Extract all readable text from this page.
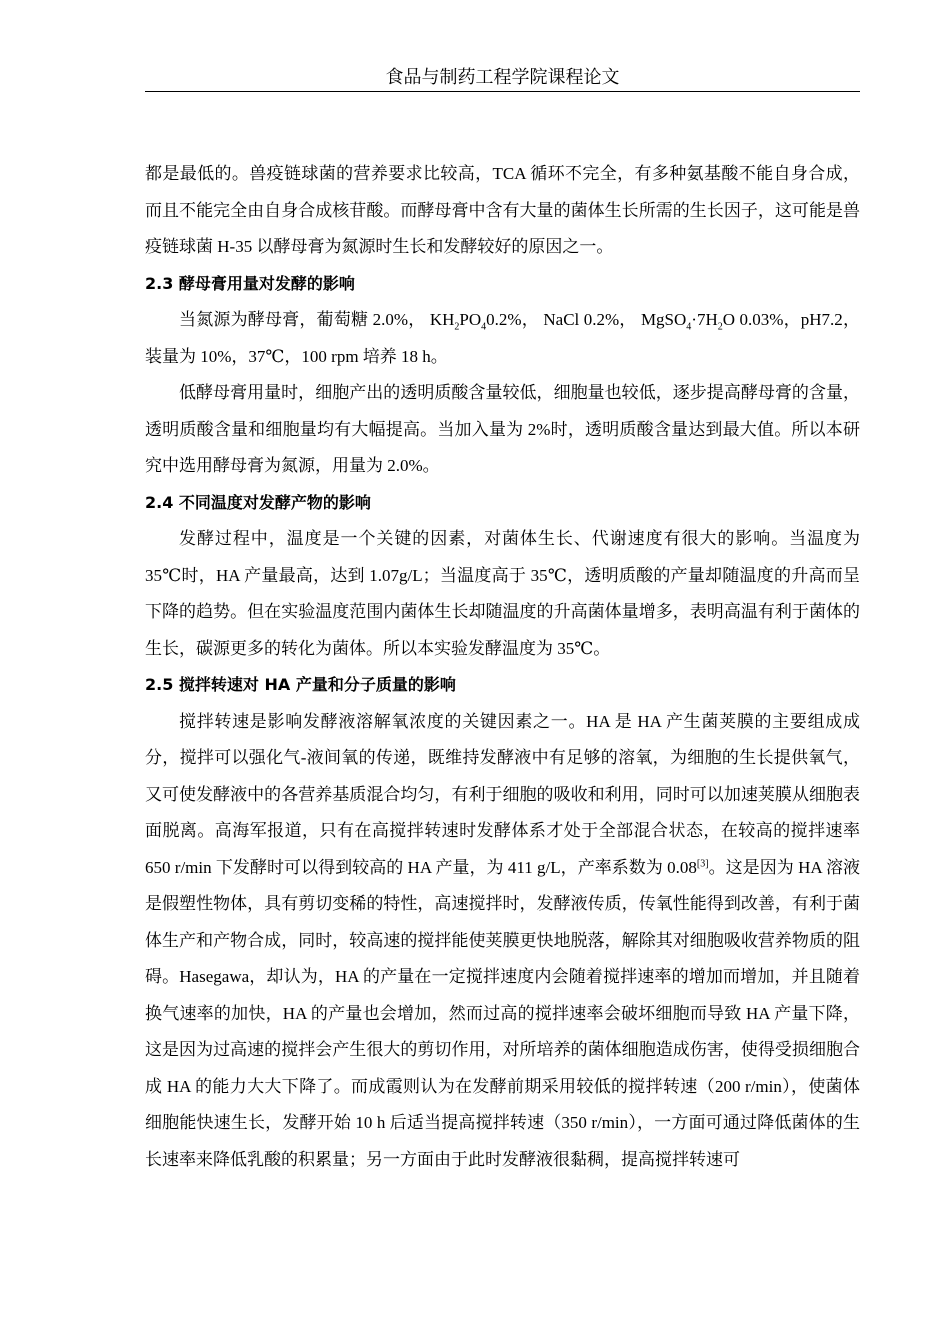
食品与制药工程学院课程论文

都是最低的。兽疫链球菌的营养要求比较高，TCA 循环不完全，有多种氨基酸不能自身合成，而且不能完全由自身合成核苷酸。而酵母膏中含有大量的菌体生长所需的生长因子，这可能是兽疫链球菌 H-35 以酵母膏为氮源时生长和发酵较好的原因之一。

2.3 酵母膏用量对发酵的影响

当氮源为酵母膏，葡萄糖 2.0%， $KH_2PO_40.2\%$， NaCl 0.2%， $MgSO_4\cdot 7H_2O$ 0.03%，pH7.2，装量为 10%，37℃，100 rpm 培养 18 h。

低酵母膏用量时，细胞产出的透明质酸含量较低，细胞量也较低，逐步提高酵母膏的含量，透明质酸含量和细胞量均有大幅提高。当加入量为 2%时，透明质酸含量达到最大值。所以本研究中选用酵母膏为氮源，用量为 2.0%。

2.4 不同温度对发酵产物的影响

发酵过程中，温度是一个关键的因素，对菌体生长、代谢速度有很大的影响。当温度为 35℃时，HA 产量最高，达到 1.07g/L；当温度高于 35℃，透明质酸的产量却随温度的升高而呈下降的趋势。但在实验温度范围内菌体生长却随温度的升高菌体量增多，表明高温有利于菌体的生长，碳源更多的转化为菌体。所以本实验发酵温度为 35℃。

2.5 搅拌转速对 HA 产量和分子质量的影响

搅拌转速是影响发酵液溶解氧浓度的关键因素之一。HA 是 HA 产生菌荚膜的主要组成成分，搅拌可以强化气-液间氧的传递，既维持发酵液中有足够的溶氧，为细胞的生长提供氧气，又可使发酵液中的各营养基质混合均匀，有利于细胞的吸收和利用，同时可以加速荚膜从细胞表面脱离。高海军报道，只有在高搅拌转速时发酵体系才处于全部混合状态，在较高的搅拌速率 650 r/min 下发酵时可以得到较高的 HA 产量，为 411 g/L，产率系数为 0.08[3]。这是因为 HA 溶液是假塑性物体，具有剪切变稀的特性，高速搅拌时，发酵液传质，传氧性能得到改善，有利于菌体生产和产物合成，同时，较高速的搅拌能使荚膜更快地脱落，解除其对细胞吸收营养物质的阻碍。Hasegawa，却认为，HA 的产量在一定搅拌速度内会随着搅拌速率的增加而增加，并且随着换气速率的加快，HA 的产量也会增加，然而过高的搅拌速率会破坏细胞而导致 HA 产量下降，这是因为过高速的搅拌会产生很大的剪切作用，对所培养的菌体细胞造成伤害，使得受损细胞合成 HA 的能力大大下降了。而成霞则认为在发酵前期采用较低的搅拌转速（200 r/min），使菌体细胞能快速生长，发酵开始 10 h 后适当提高搅拌转速（350 r/min），一方面可通过降低菌体的生长速率来降低乳酸的积累量；另一方面由于此时发酵液很黏稠，提高搅拌转速可
